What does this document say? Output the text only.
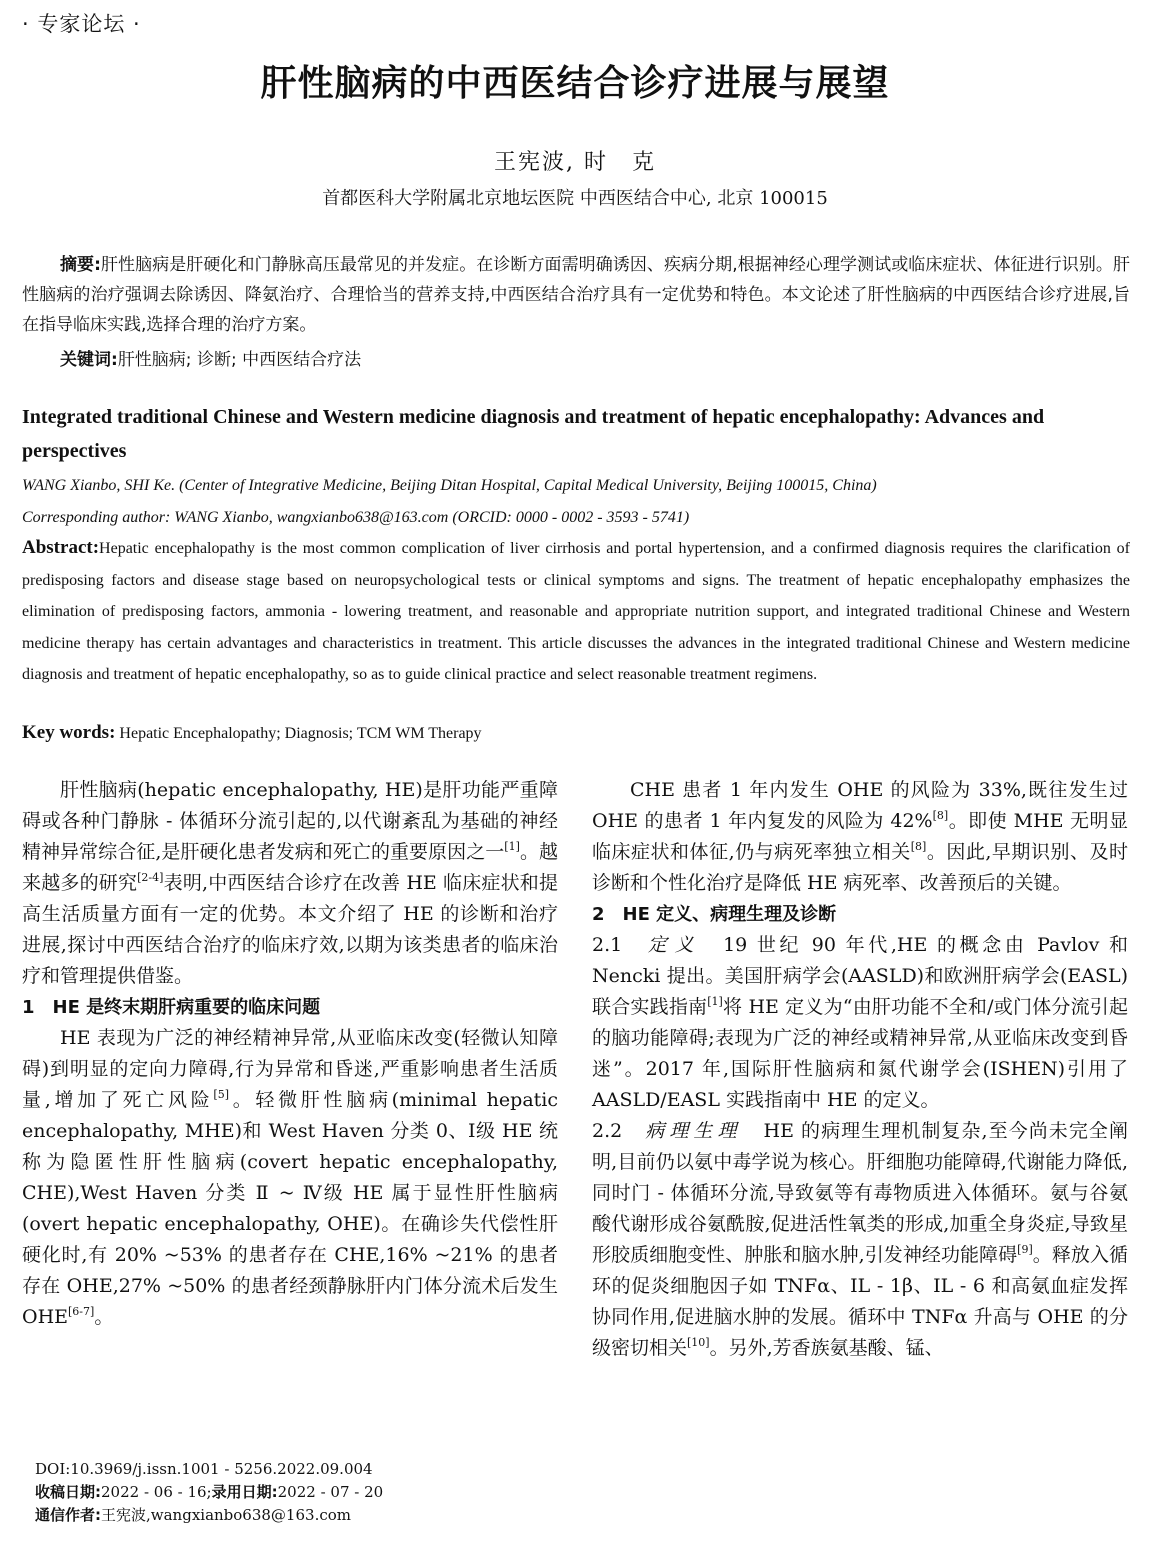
· 专家论坛 ·
肝性脑病的中西医结合诊疗进展与展望
王宪波, 时　克
首都医科大学附属北京地坛医院 中西医结合中心, 北京 100015
摘要:肝性脑病是肝硬化和门静脉高压最常见的并发症。在诊断方面需明确诱因、疾病分期,根据神经心理学测试或临床症状、体征进行识别。肝性脑病的治疗强调去除诱因、降氨治疗、合理恰当的营养支持,中西医结合治疗具有一定优势和特色。本文论述了肝性脑病的中西医结合诊疗进展,旨在指导临床实践,选择合理的治疗方案。
关键词:肝性脑病; 诊断; 中西医结合疗法
Integrated traditional Chinese and Western medicine diagnosis and treatment of hepatic encephalopathy: Advances and perspectives
WANG Xianbo, SHI Ke. (Center of Integrative Medicine, Beijing Ditan Hospital, Capital Medical University, Beijing 100015, China)
Corresponding author: WANG Xianbo, wangxianbo638@163.com (ORCID: 0000 - 0002 - 3593 - 5741)
Abstract:Hepatic encephalopathy is the most common complication of liver cirrhosis and portal hypertension, and a confirmed diagnosis requires the clarification of predisposing factors and disease stage based on neuropsychological tests or clinical symptoms and signs. The treatment of hepatic encephalopathy emphasizes the elimination of predisposing factors, ammonia - lowering treatment, and reasonable and appropriate nutrition support, and integrated traditional Chinese and Western medicine therapy has certain advantages and characteristics in treatment. This article discusses the advances in the integrated traditional Chinese and Western medicine diagnosis and treatment of hepatic encephalopathy, so as to guide clinical practice and select reasonable treatment regimens.
Key words: Hepatic Encephalopathy; Diagnosis; TCM WM Therapy

肝性脑病(hepatic encephalopathy, HE)是肝功能严重障碍或各种门静脉 - 体循环分流引起的,以代谢紊乱为基础的神经精神异常综合征,是肝硬化患者发病和死亡的重要原因之一[1]。越来越多的研究[2-4]表明,中西医结合诊疗在改善 HE 临床症状和提高生活质量方面有一定的优势。本文介绍了 HE 的诊断和治疗进展,探讨中西医结合治疗的临床疗效,以期为该类患者的临床治疗和管理提供借鉴。

1　HE 是终末期肝病重要的临床问题

HE 表现为广泛的神经精神异常,从亚临床改变(轻微认知障碍)到明显的定向力障碍,行为异常和昏迷,严重影响患者生活质量,增加了死亡风险[5]。轻微肝性脑病(minimal hepatic encephalopathy, MHE)和 West Haven 分类 0、Ⅰ级 HE 统称为隐匿性肝性脑病(covert hepatic encephalopathy, CHE),West Haven 分类 Ⅱ ~ Ⅳ级 HE 属于显性肝性脑病(overt hepatic encephalopathy, OHE)。在确诊失代偿性肝硬化时,有 20% ~53% 的患者存在 CHE,16% ~21% 的患者存在 OHE,27% ~50% 的患者经颈静脉肝内门体分流术后发生 OHE[6-7]。

CHE 患者 1 年内发生 OHE 的风险为 33%,既往发生过 OHE 的患者 1 年内复发的风险为 42%[8]。即使 MHE 无明显临床症状和体征,仍与病死率独立相关[8]。因此,早期识别、及时诊断和个性化治疗是降低 HE 病死率、改善预后的关键。

2　HE 定义、病理生理及诊断

2.1 定义 19 世纪 90 年代,HE 的概念由 Pavlov 和 Nencki 提出。美国肝病学会(AASLD)和欧洲肝病学会(EASL)联合实践指南[1]将 HE 定义为“由肝功能不全和/或门体分流引起的脑功能障碍;表现为广泛的神经或精神异常,从亚临床改变到昏迷”。2017 年,国际肝性脑病和氮代谢学会(ISHEN)引用了 AASLD/EASL 实践指南中 HE 的定义。

2.2 病理生理 HE 的病理生理机制复杂,至今尚未完全阐明,目前仍以氨中毒学说为核心。肝细胞功能障碍,代谢能力降低,同时门 - 体循环分流,导致氨等有毒物质进入体循环。氨与谷氨酸代谢形成谷氨酰胺,促进活性氧类的形成,加重全身炎症,导致星形胶质细胞变性、肿胀和脑水肿,引发神经功能障碍[9]。释放入循环的促炎细胞因子如 TNFα、IL - 1β、IL - 6 和高氨血症发挥协同作用,促进脑水肿的发展。循环中 TNFα 升高与 OHE 的分级密切相关[10]。另外,芳香族氨基酸、锰、

DOI:10.3969/j.issn.1001 - 5256.2022.09.004
收稿日期:2022 - 06 - 16;录用日期:2022 - 07 - 20
通信作者:王宪波,wangxianbo638@163.com
